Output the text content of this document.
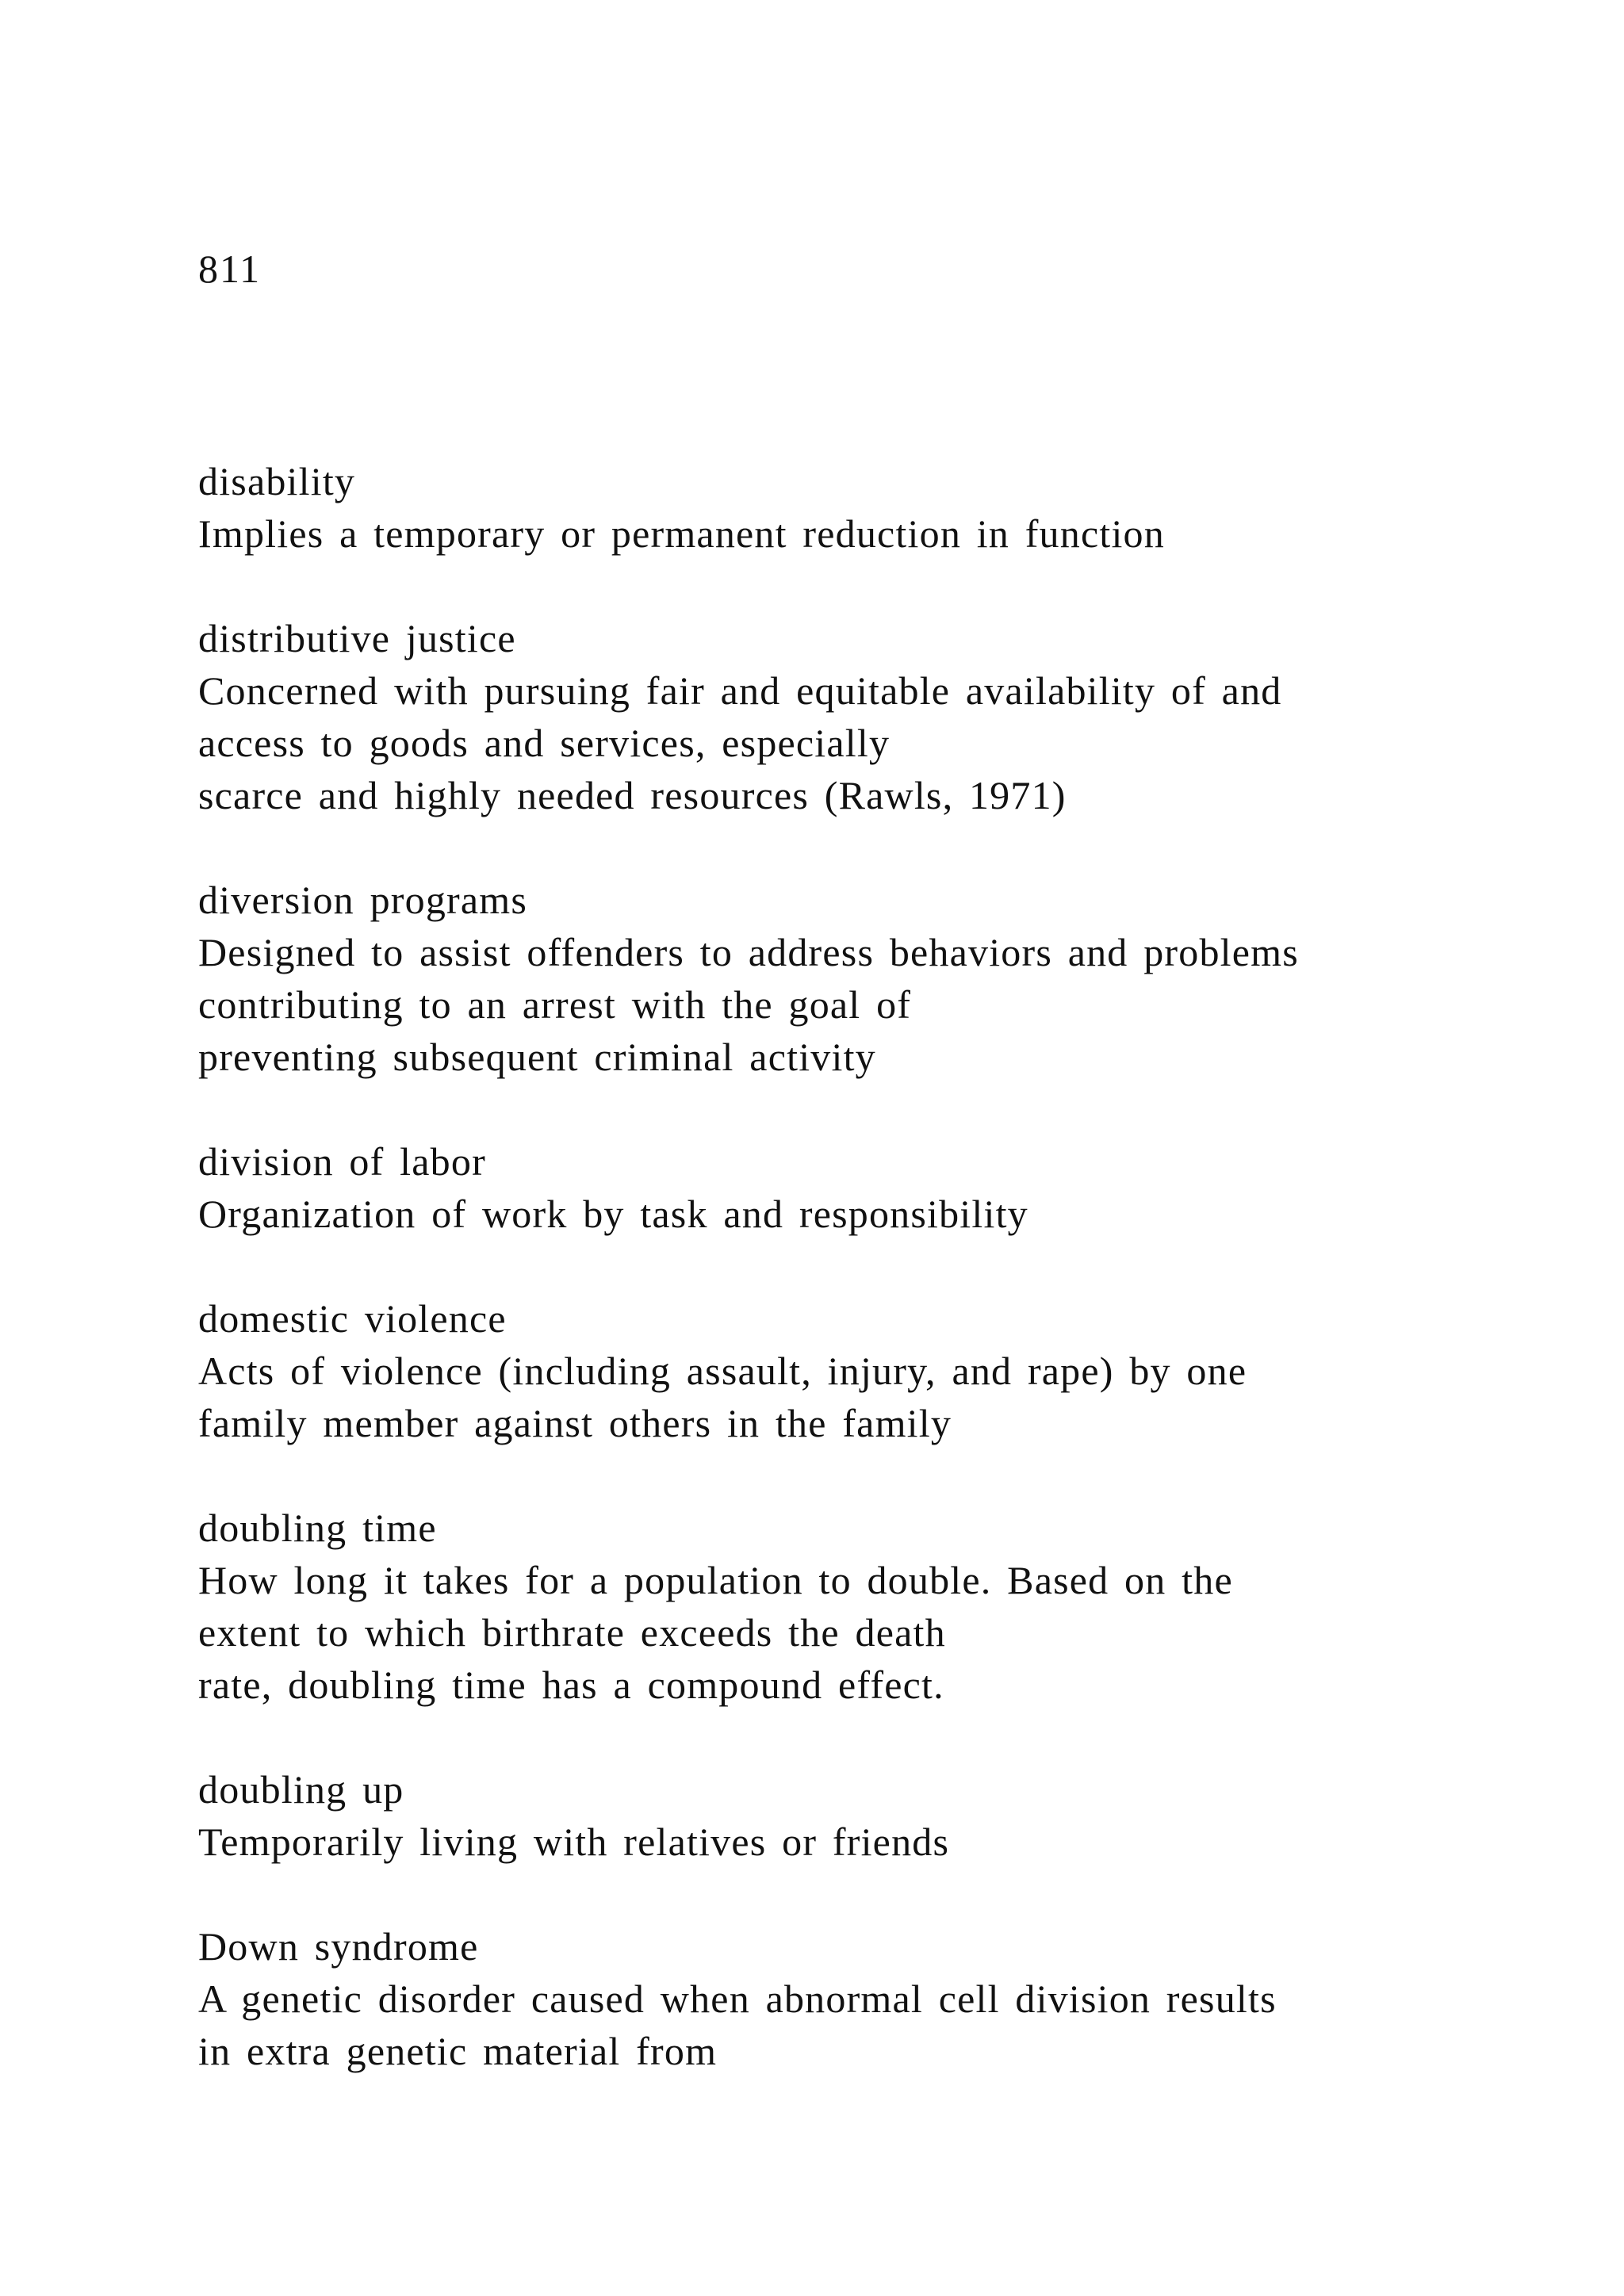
811
disability
Implies a temporary or permanent reduction in function
distributive justice
Concerned with pursuing fair and equitable availability of and
access to goods and services, especially
scarce and highly needed resources (Rawls, 1971)
diversion programs
Designed to assist offenders to address behaviors and problems
contributing to an arrest with the goal of
preventing subsequent criminal activity
division of labor
Organization of work by task and responsibility
domestic violence
Acts of violence (including assault, injury, and rape) by one
family member against others in the family
doubling time
How long it takes for a population to double. Based on the
extent to which birthrate exceeds the death
rate, doubling time has a compound effect.
doubling up
Temporarily living with relatives or friends
Down syndrome
A genetic disorder caused when abnormal cell division results
in extra genetic material from
